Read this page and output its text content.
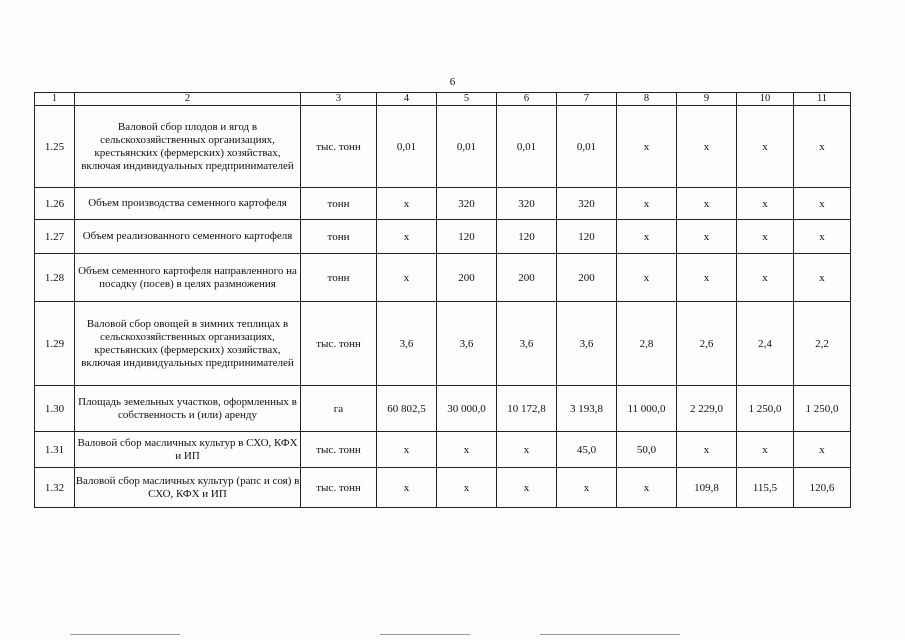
6
1	2	3	4	5	6	7	8	9	10	11
1.25	Валовой сбор плодов и ягод в сельскохозяйственных организациях, крестьянских (фермерских) хозяйствах, включая индивидуальных предпринимателей	тыс. тонн	0,01	0,01	0,01	0,01	х	х	х	х
1.26	Объем производства семенного картофеля	тонн	х	320	320	320	х	х	х	х
1.27	Объем реализованного семенного картофеля	тонн	х	120	120	120	х	х	х	х
1.28	Объем семенного картофеля направленного на посадку (посев) в целях размножения	тонн	х	200	200	200	х	х	х	х
1.29	Валовой сбор овощей в зимних теплицах в сельскохозяйственных организациях, крестьянских (фермерских) хозяйствах, включая индивидуальных предпринимателей	тыс. тонн	3,6	3,6	3,6	3,6	2,8	2,6	2,4	2,2
1.30	Площадь земельных участков, оформленных в собственность и (или) аренду	га	60 802,5	30 000,0	10 172,8	3 193,8	11 000,0	2 229,0	1 250,0	1 250,0
1.31	Валовой сбор масличных культур в СХО, КФХ и ИП	тыс. тонн	х	х	х	45,0	50,0	х	х	х
1.32	Валовой сбор масличных культур (рапс и соя) в СХО, КФХ и ИП	тыс. тонн	х	х	х	х	х	109,8	115,5	120,6
